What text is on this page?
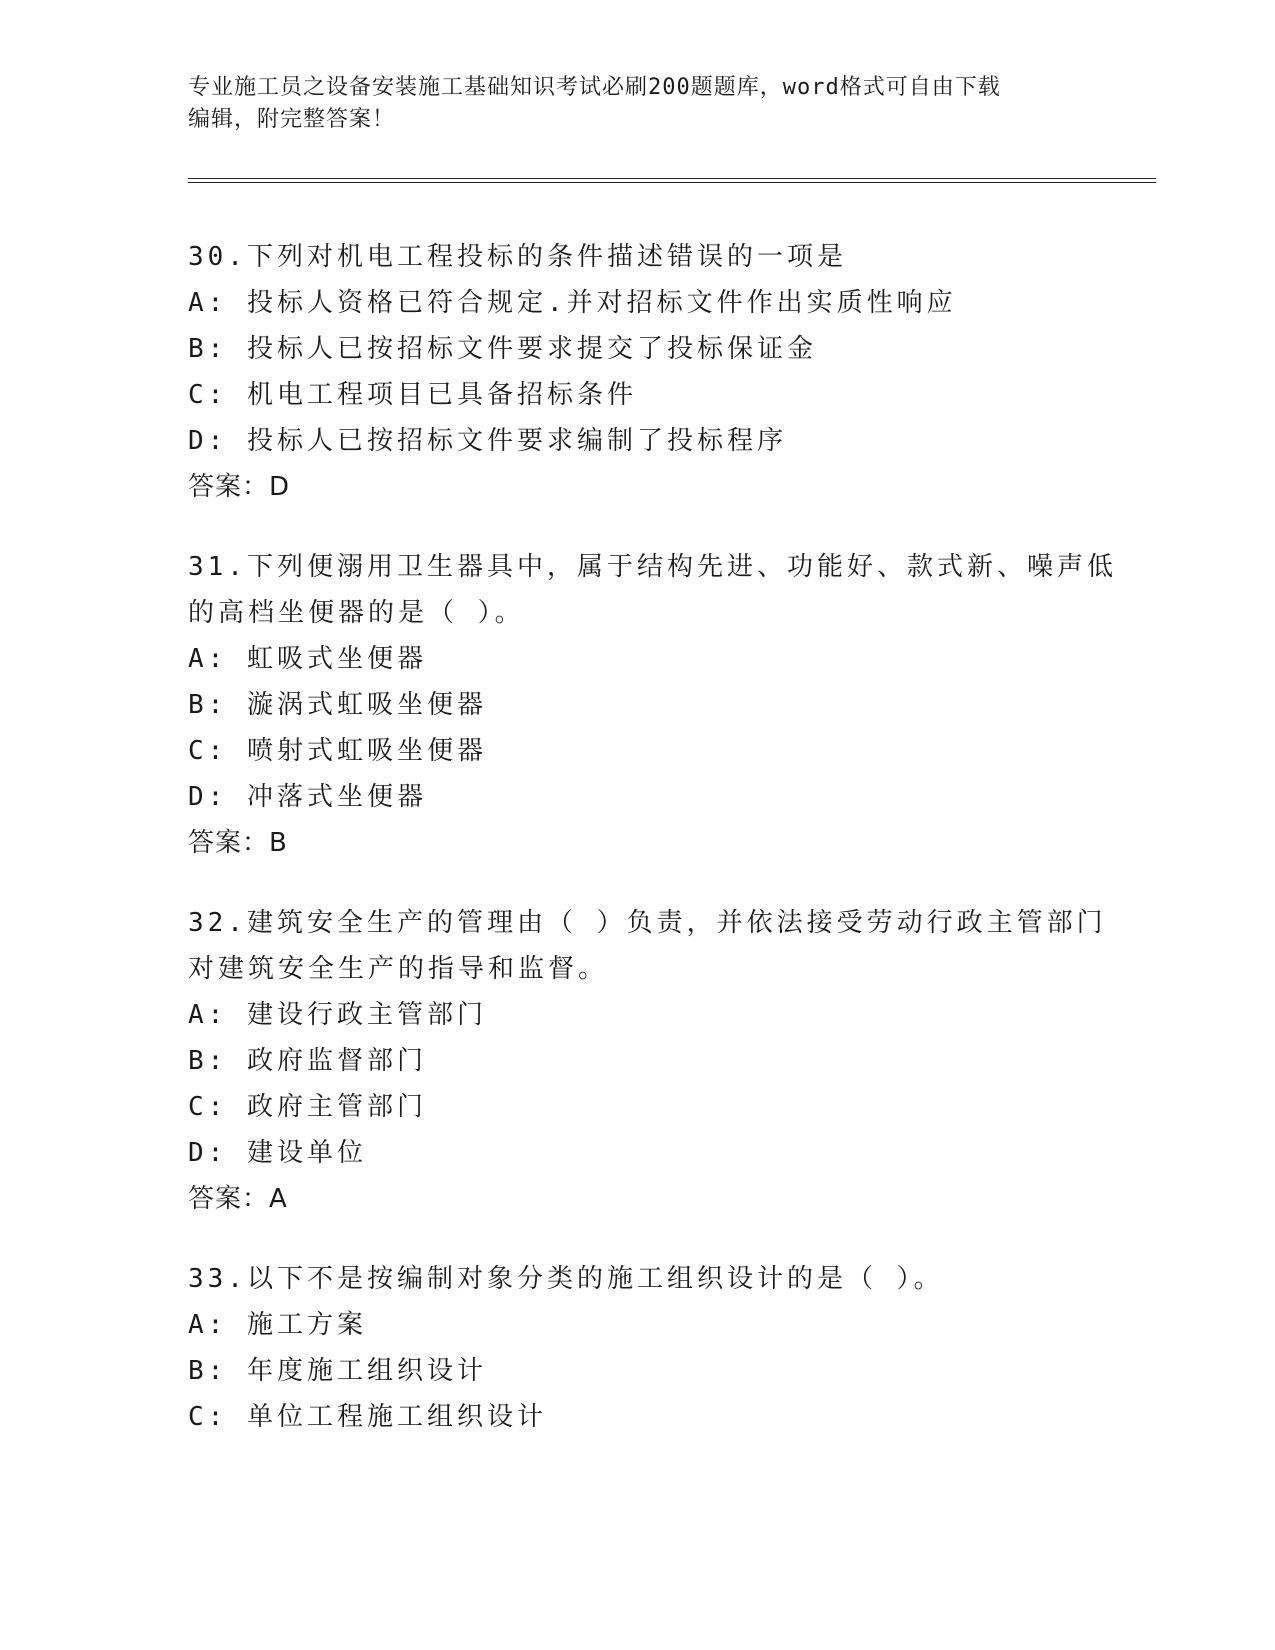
专业施工员之设备安装施工基础知识考试必刷200题题库，word格式可自由下载
编辑，附完整答案！
30.下列对机电工程投标的条件描述错误的一项是
A: 投标人资格已符合规定.并对招标文件作出实质性响应
B: 投标人已按招标文件要求提交了投标保证金
C: 机电工程项目已具备招标条件
D: 投标人已按招标文件要求编制了投标程序
答案：D
31.下列便溺用卫生器具中，属于结构先进、功能好、款式新、噪声低
的高档坐便器的是（ ）。
A: 虹吸式坐便器
B: 漩涡式虹吸坐便器
C: 喷射式虹吸坐便器
D: 冲落式坐便器
答案：B
32.建筑安全生产的管理由（ ）负责，并依法接受劳动行政主管部门
对建筑安全生产的指导和监督。
A: 建设行政主管部门
B: 政府监督部门
C: 政府主管部门
D: 建设单位
答案：A
33.以下不是按编制对象分类的施工组织设计的是（ ）。
A: 施工方案
B: 年度施工组织设计
C: 单位工程施工组织设计
